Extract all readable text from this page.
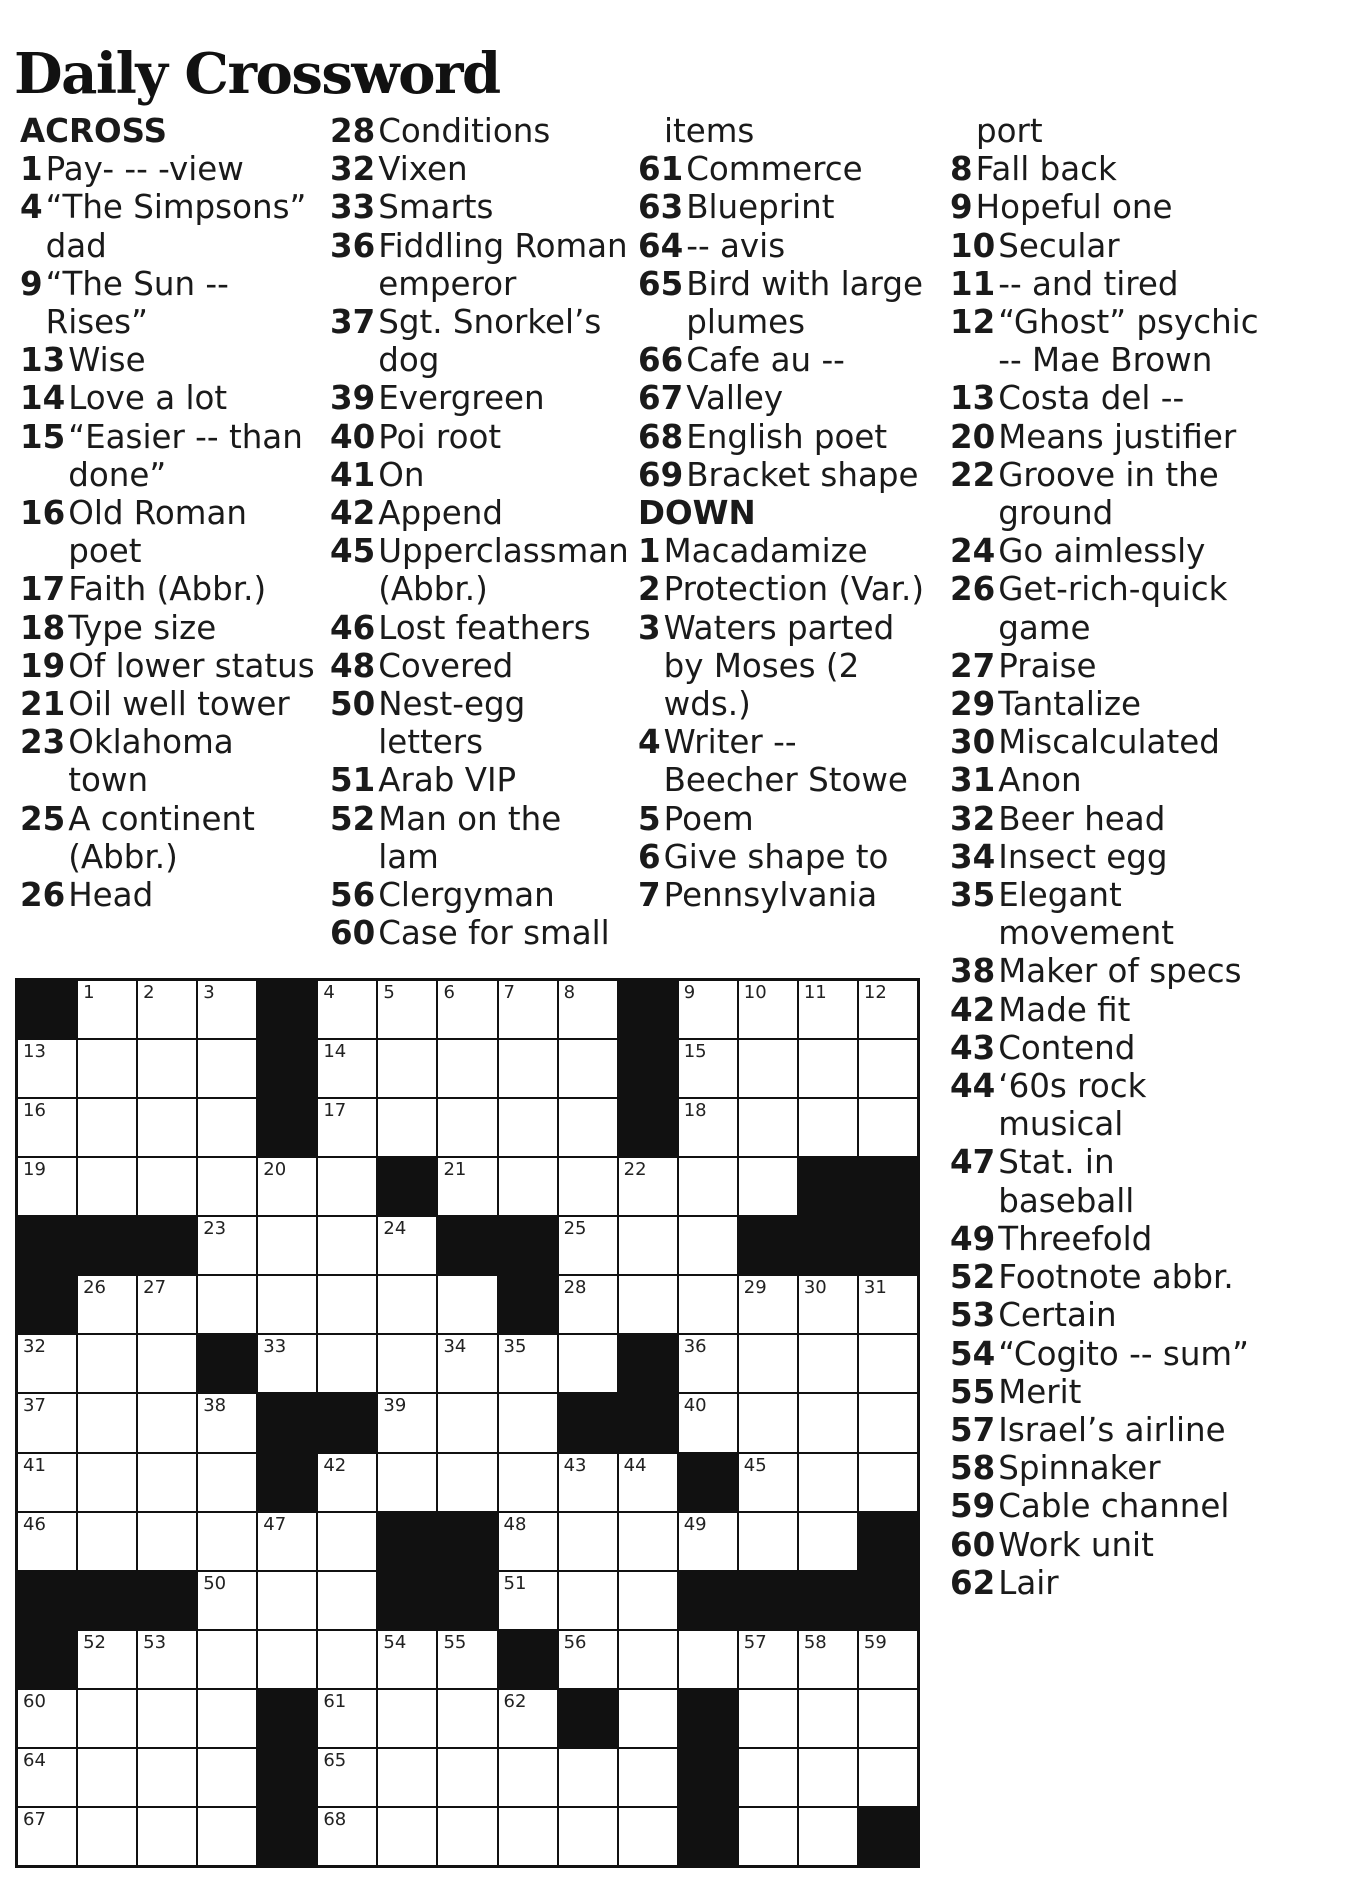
Daily Crossword
ACROSS
1 Pay- -- -view
4 “The Simpsons” dad
9 “The Sun -- Rises”
13 Wise
14 Love a lot
15 “Easier -- than done”
16 Old Roman poet
17 Faith (Abbr.)
18 Type size
19 Of lower status
21 Oil well tower
23 Oklahoma town
25 A continent (Abbr.)
26 Head
28 Conditions
32 Vixen
33 Smarts
36 Fiddling Roman emperor
37 Sgt. Snorkel’s dog
39 Evergreen
40 Poi root
41 On
42 Append
45 Upperclassman (Abbr.)
46 Lost feathers
48 Covered
50 Nest-egg letters
51 Arab VIP
52 Man on the lam
56 Clergyman
60 Case for small
items
61 Commerce
63 Blueprint
64 -- avis
65 Bird with large plumes
66 Cafe au --
67 Valley
68 English poet
69 Bracket shape
DOWN
1 Macadamize
2 Protection (Var.)
3 Waters parted by Moses (2 wds.)
4 Writer -- Beecher Stowe
5 Poem
6 Give shape to
7 Pennsylvania
port
8 Fall back
9 Hopeful one
10 Secular
11 -- and tired
12 “Ghost” psychic -- Mae Brown
13 Costa del --
20 Means justifier
22 Groove in the ground
24 Go aimlessly
26 Get-rich-quick game
27 Praise
29 Tantalize
30 Miscalculated
31 Anon
32 Beer head
34 Insect egg
35 Elegant movement
38 Maker of specs
42 Made fit
43 Contend
44 ‘60s rock musical
47 Stat. in baseball
49 Threefold
52 Footnote abbr.
53 Certain
54 “Cogito -- sum”
55 Merit
57 Israel’s airline
58 Spinnaker
59 Cable channel
60 Work unit
62 Lair
1	2	3	4	5	6	7	8	9	10 11 12
13	14	15
16	17	18
19	20	21	22
23	24	25
26 27	28	29 30 31
32	33	34 35	36
37	38	39	40
41	42	43 44	45
46	47	48	49
50	51
52 53	54 55	56	57 58 59
60	61	62
64	65
67	68
